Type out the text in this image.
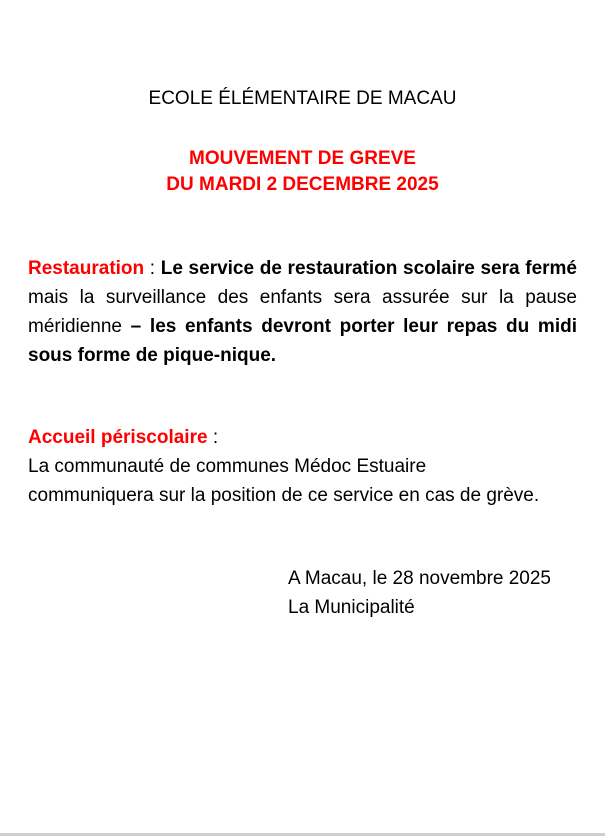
ECOLE ÉLÉMENTAIRE DE MACAU
MOUVEMENT DE GREVE
DU MARDI 2 DECEMBRE 2025
Restauration : Le service de restauration scolaire sera fermé mais la surveillance des enfants sera assurée sur la pause méridienne – les enfants devront porter leur repas du midi sous forme de pique-nique.
Accueil périscolaire :
La communauté de communes Médoc Estuaire
communiquera sur la position de ce service en cas de grève.
A Macau, le 28 novembre 2025
La Municipalité
